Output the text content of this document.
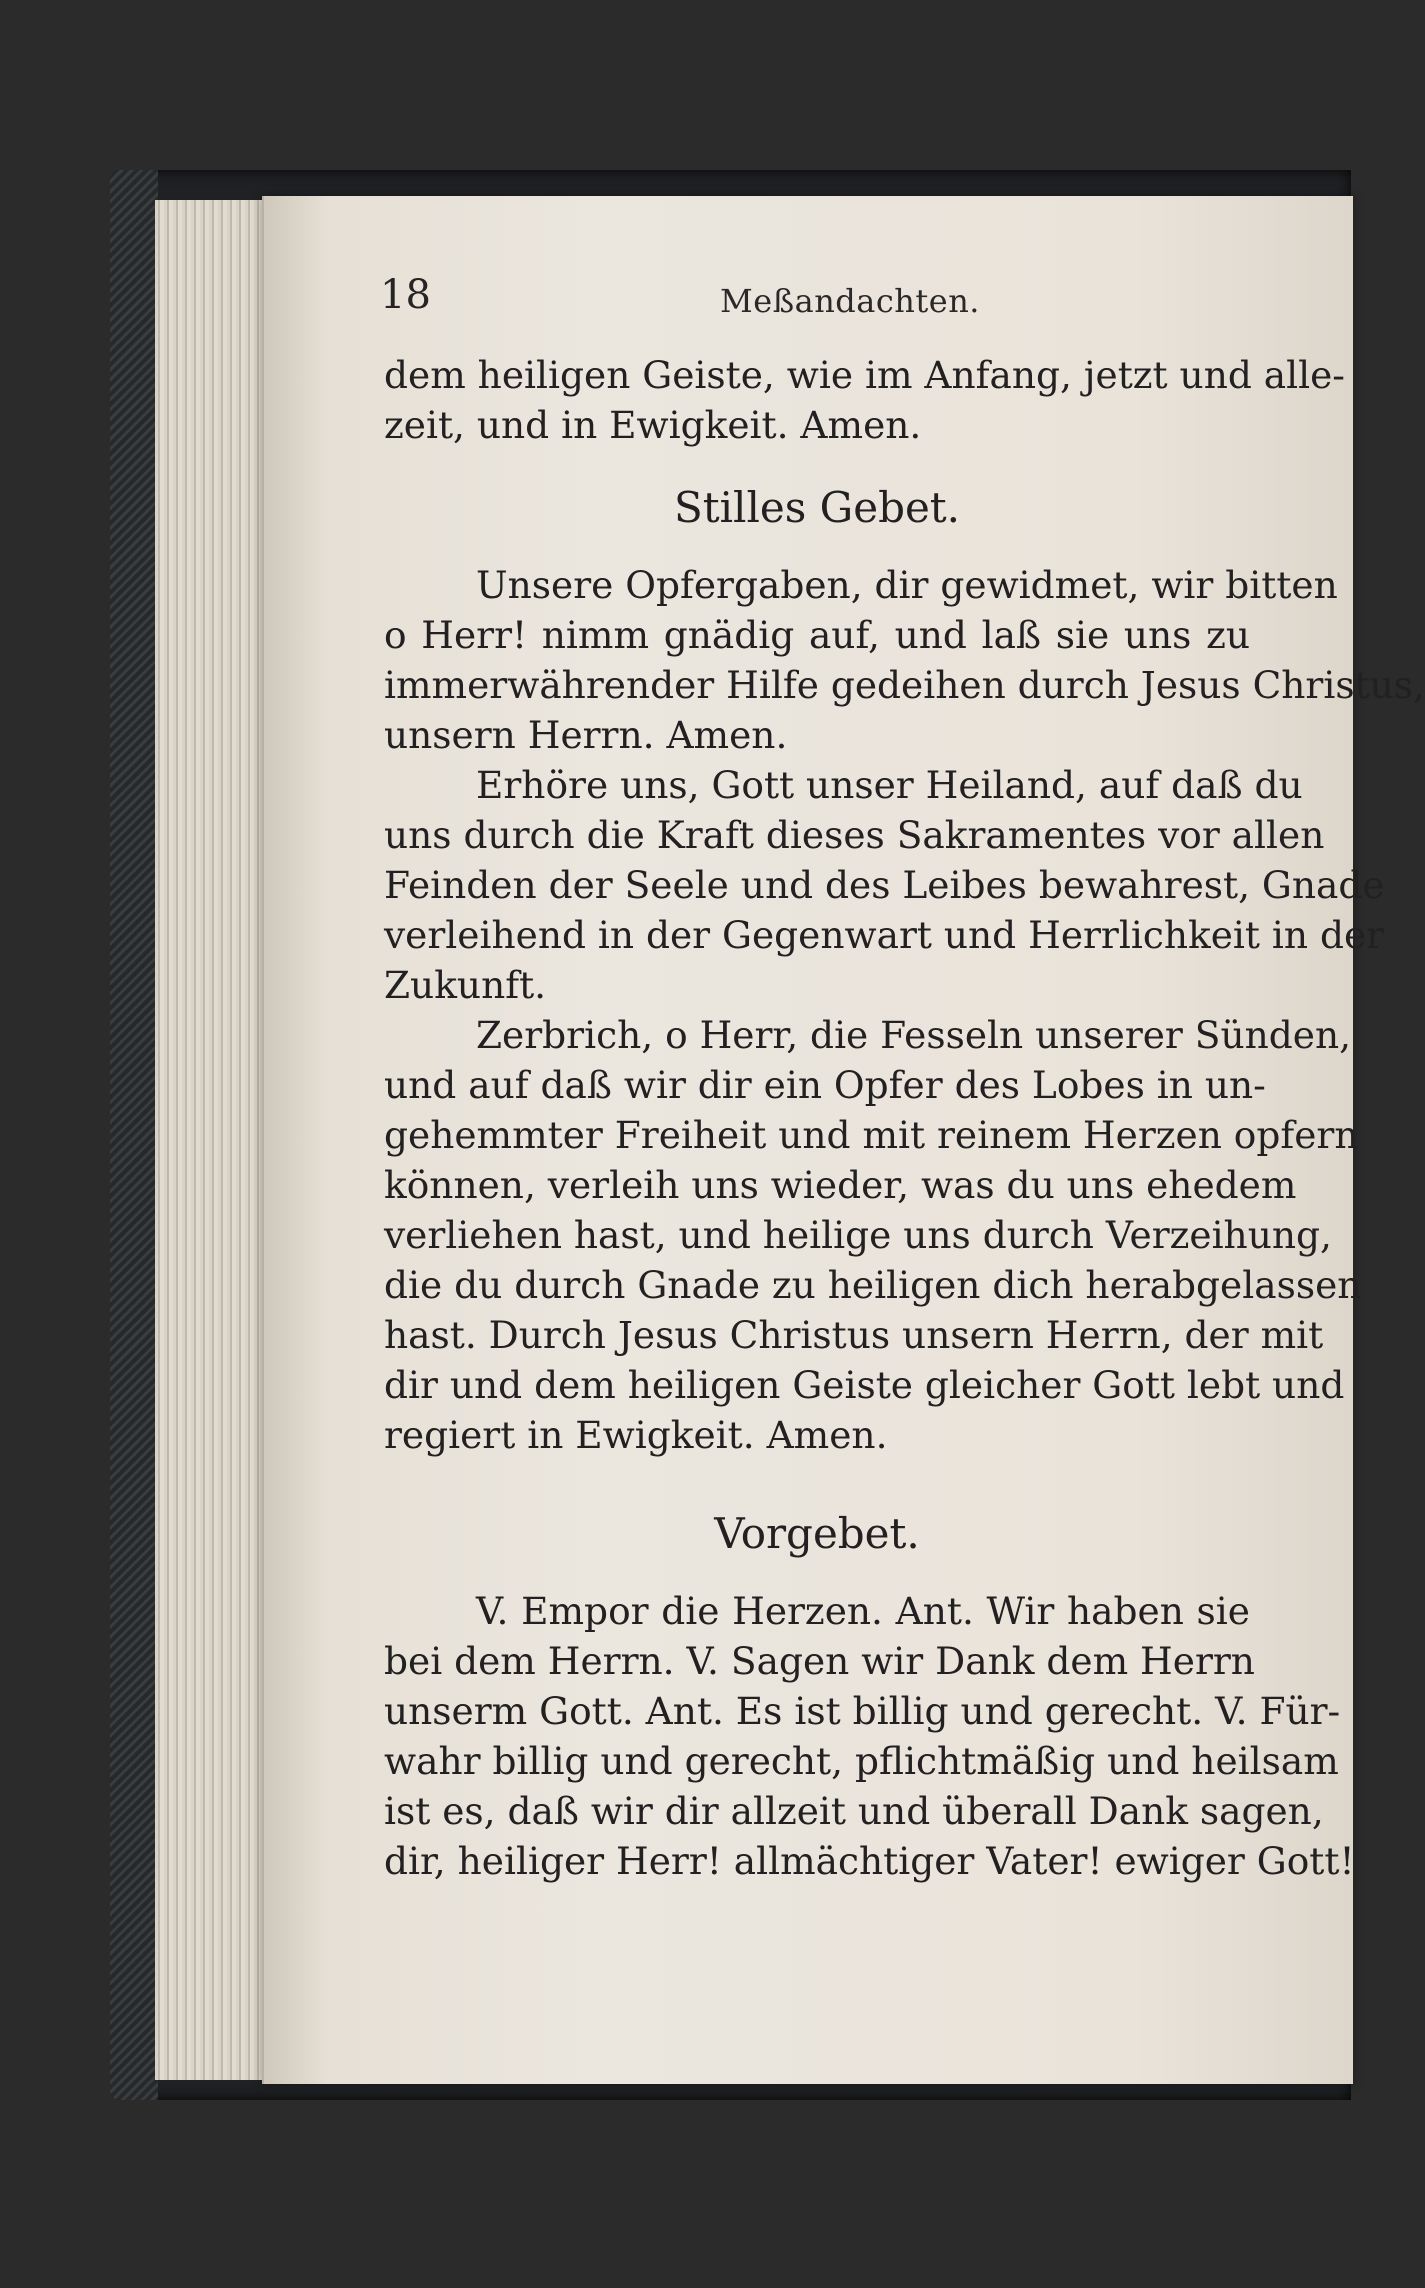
18	Meßandachten.
dem heiligen Geiste, wie im Anfang, jetzt und alle-
zeit, und in Ewigkeit. Amen.
Stilles Gebet.
Unsere Opfergaben, dir gewidmet, wir bitten
o Herr! nimm gnädig auf, und laß sie uns zu
immerwährender Hilfe gedeihen durch Jesus Christus,
unsern Herrn. Amen.
Erhöre uns, Gott unser Heiland, auf daß du
uns durch die Kraft dieses Sakramentes vor allen
Feinden der Seele und des Leibes bewahrest, Gnade
verleihend in der Gegenwart und Herrlichkeit in der
Zukunft.
Zerbrich, o Herr, die Fesseln unserer Sünden,
und auf daß wir dir ein Opfer des Lobes in un-
gehemmter Freiheit und mit reinem Herzen opfern
können, verleih uns wieder, was du uns ehedem
verliehen hast, und heilige uns durch Verzeihung,
die du durch Gnade zu heiligen dich herabgelassen
hast. Durch Jesus Christus unsern Herrn, der mit
dir und dem heiligen Geiste gleicher Gott lebt und
regiert in Ewigkeit. Amen.
Vorgebet.
V. Empor die Herzen. Ant. Wir haben sie
bei dem Herrn. V. Sagen wir Dank dem Herrn
unserm Gott. Ant. Es ist billig und gerecht. V. Für-
wahr billig und gerecht, pflichtmäßig und heilsam
ist es, daß wir dir allzeit und überall Dank sagen,
dir, heiliger Herr! allmächtiger Vater! ewiger Gott!
